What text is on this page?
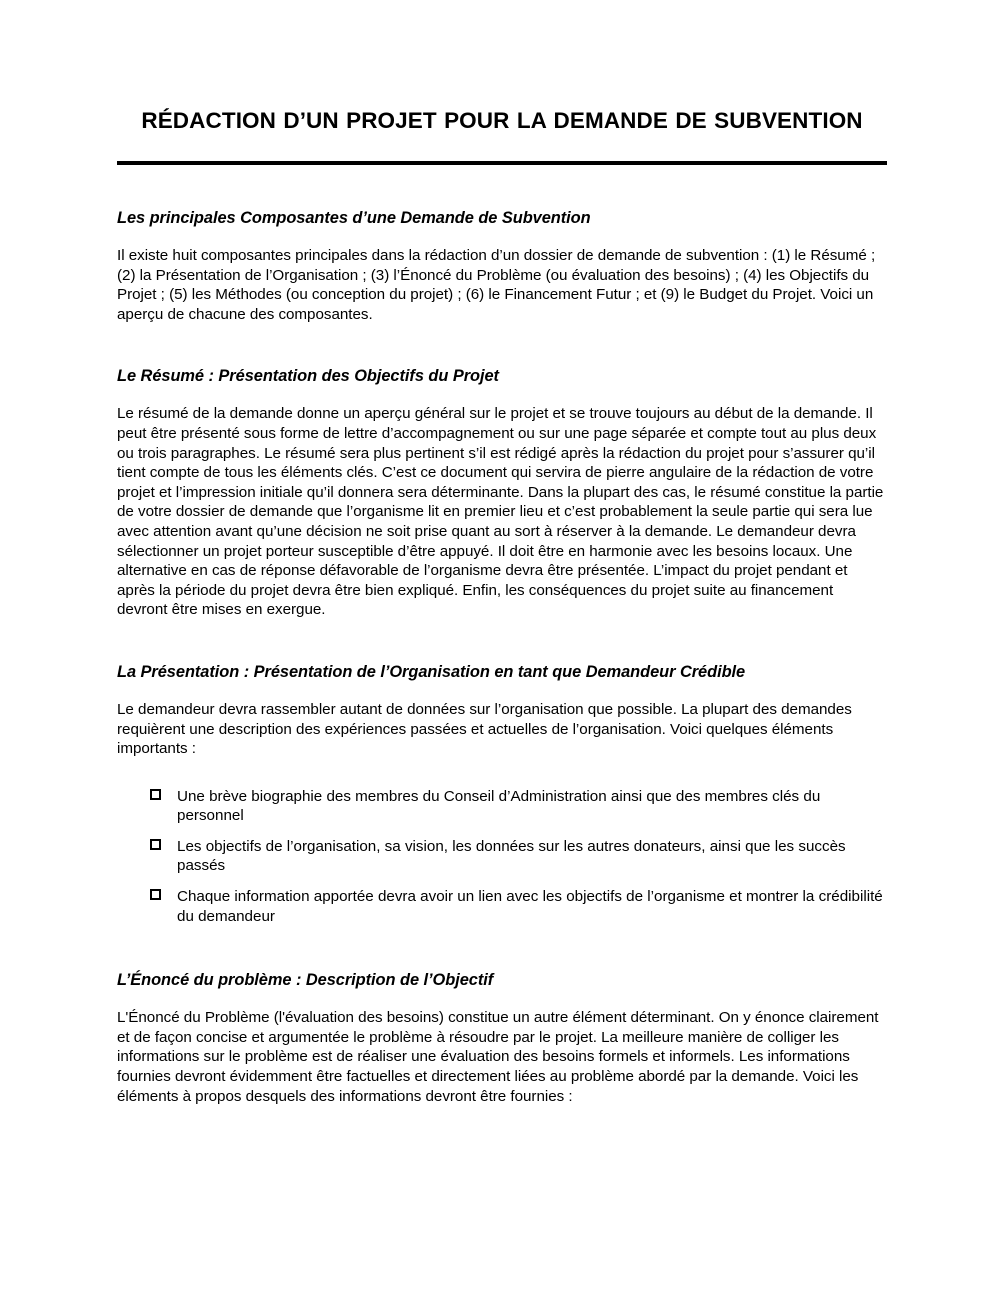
RÉDACTION D’UN PROJET POUR LA DEMANDE DE SUBVENTION
Les principales Composantes d’une Demande de Subvention

Il existe huit composantes principales dans la rédaction d’un dossier de demande de subvention : (1) le Résumé ; (2) la Présentation de l’Organisation ; (3) l’Énoncé du Problème (ou évaluation des besoins) ; (4) les Objectifs du Projet ; (5) les Méthodes (ou conception du projet) ; (6) le Financement Futur ; et (9) le Budget du Projet. Voici un aperçu de chacune des composantes.

Le Résumé : Présentation des Objectifs du Projet

Le résumé de la demande donne un aperçu général sur le projet et se trouve toujours au début de la demande. Il peut être présenté sous forme de lettre d’accompagnement ou sur une page séparée et compte tout au plus deux ou trois paragraphes. Le résumé sera plus pertinent s’il est rédigé après la rédaction du projet pour s’assurer qu’il tient compte de tous les éléments clés. C’est ce document qui servira de pierre angulaire de la rédaction de votre projet et l’impression initiale qu’il donnera sera déterminante. Dans la plupart des cas, le résumé constitue la partie de votre dossier de demande que l’organisme lit en premier lieu et c’est probablement la seule partie qui sera lue avec attention avant qu’une décision ne soit prise quant au sort à réserver à la demande. Le demandeur devra sélectionner un projet porteur susceptible d’être appuyé. Il doit être en harmonie avec les besoins locaux. Une alternative en cas de réponse défavorable de l’organisme devra être présentée. L’impact du projet pendant et après la période du projet devra être bien expliqué. Enfin, les conséquences du projet suite au financement devront être mises en exergue.

La Présentation : Présentation de l’Organisation en tant que Demandeur Crédible

Le demandeur devra rassembler autant de données sur l’organisation que possible. La plupart des demandes requièrent une description des expériences passées et actuelles de l’organisation. Voici quelques éléments importants :

Une brève biographie des membres du Conseil d’Administration ainsi que des membres clés du personnel
Les objectifs de l’organisation, sa vision, les données sur les autres donateurs, ainsi que les succès passés
Chaque information apportée devra avoir un lien avec les objectifs de l’organisme et montrer la crédibilité du demandeur
L’Énoncé du problème : Description de l’Objectif

L'Énoncé du Problème (l'évaluation des besoins) constitue un autre élément déterminant. On y énonce clairement et de façon concise et argumentée le problème à résoudre par le projet. La meilleure manière de colliger les informations sur le problème est de réaliser une évaluation des besoins formels et informels. Les informations fournies devront évidemment être factuelles et directement liées au problème abordé par la demande. Voici les éléments à propos desquels des informations devront être fournies :
